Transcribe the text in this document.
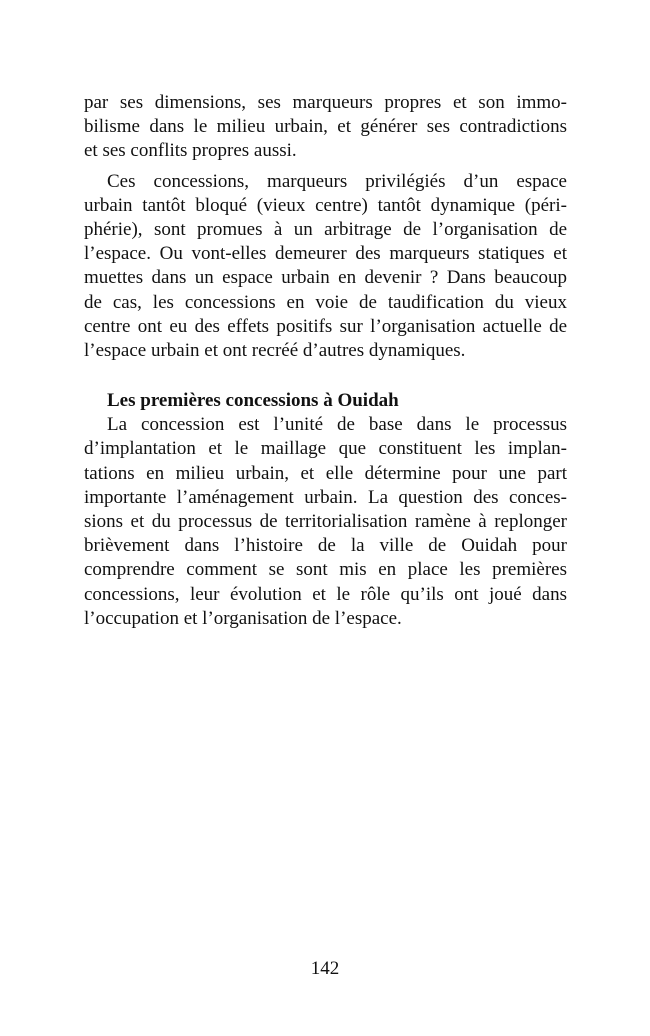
par ses dimensions, ses marqueurs propres et son immo-
bilisme dans le milieu urbain, et générer ses contradictions
et ses conflits propres aussi.
Ces concessions, marqueurs privilégiés d’un espace
urbain tantôt bloqué (vieux centre) tantôt dynamique (péri-
phérie), sont promues à un arbitrage de l’organisation de
l’espace. Ou vont-elles demeurer des marqueurs statiques et
muettes dans un espace urbain en devenir ? Dans beaucoup
de cas, les concessions en voie de taudification du vieux
centre ont eu des effets positifs sur l’organisation actuelle de
l’espace urbain et ont recréé d’autres dynamiques.
Les premières concessions à Ouidah
La concession est l’unité de base dans le processus
d’implantation et le maillage que constituent les implan-
tations en milieu urbain, et elle détermine pour une part
importante l’aménagement urbain. La question des conces-
sions et du processus de territorialisation ramène à replonger
brièvement dans l’histoire de la ville de Ouidah pour
comprendre comment se sont mis en place les premières
concessions, leur évolution et le rôle qu’ils ont joué dans
l’occupation et l’organisation de l’espace.
142
